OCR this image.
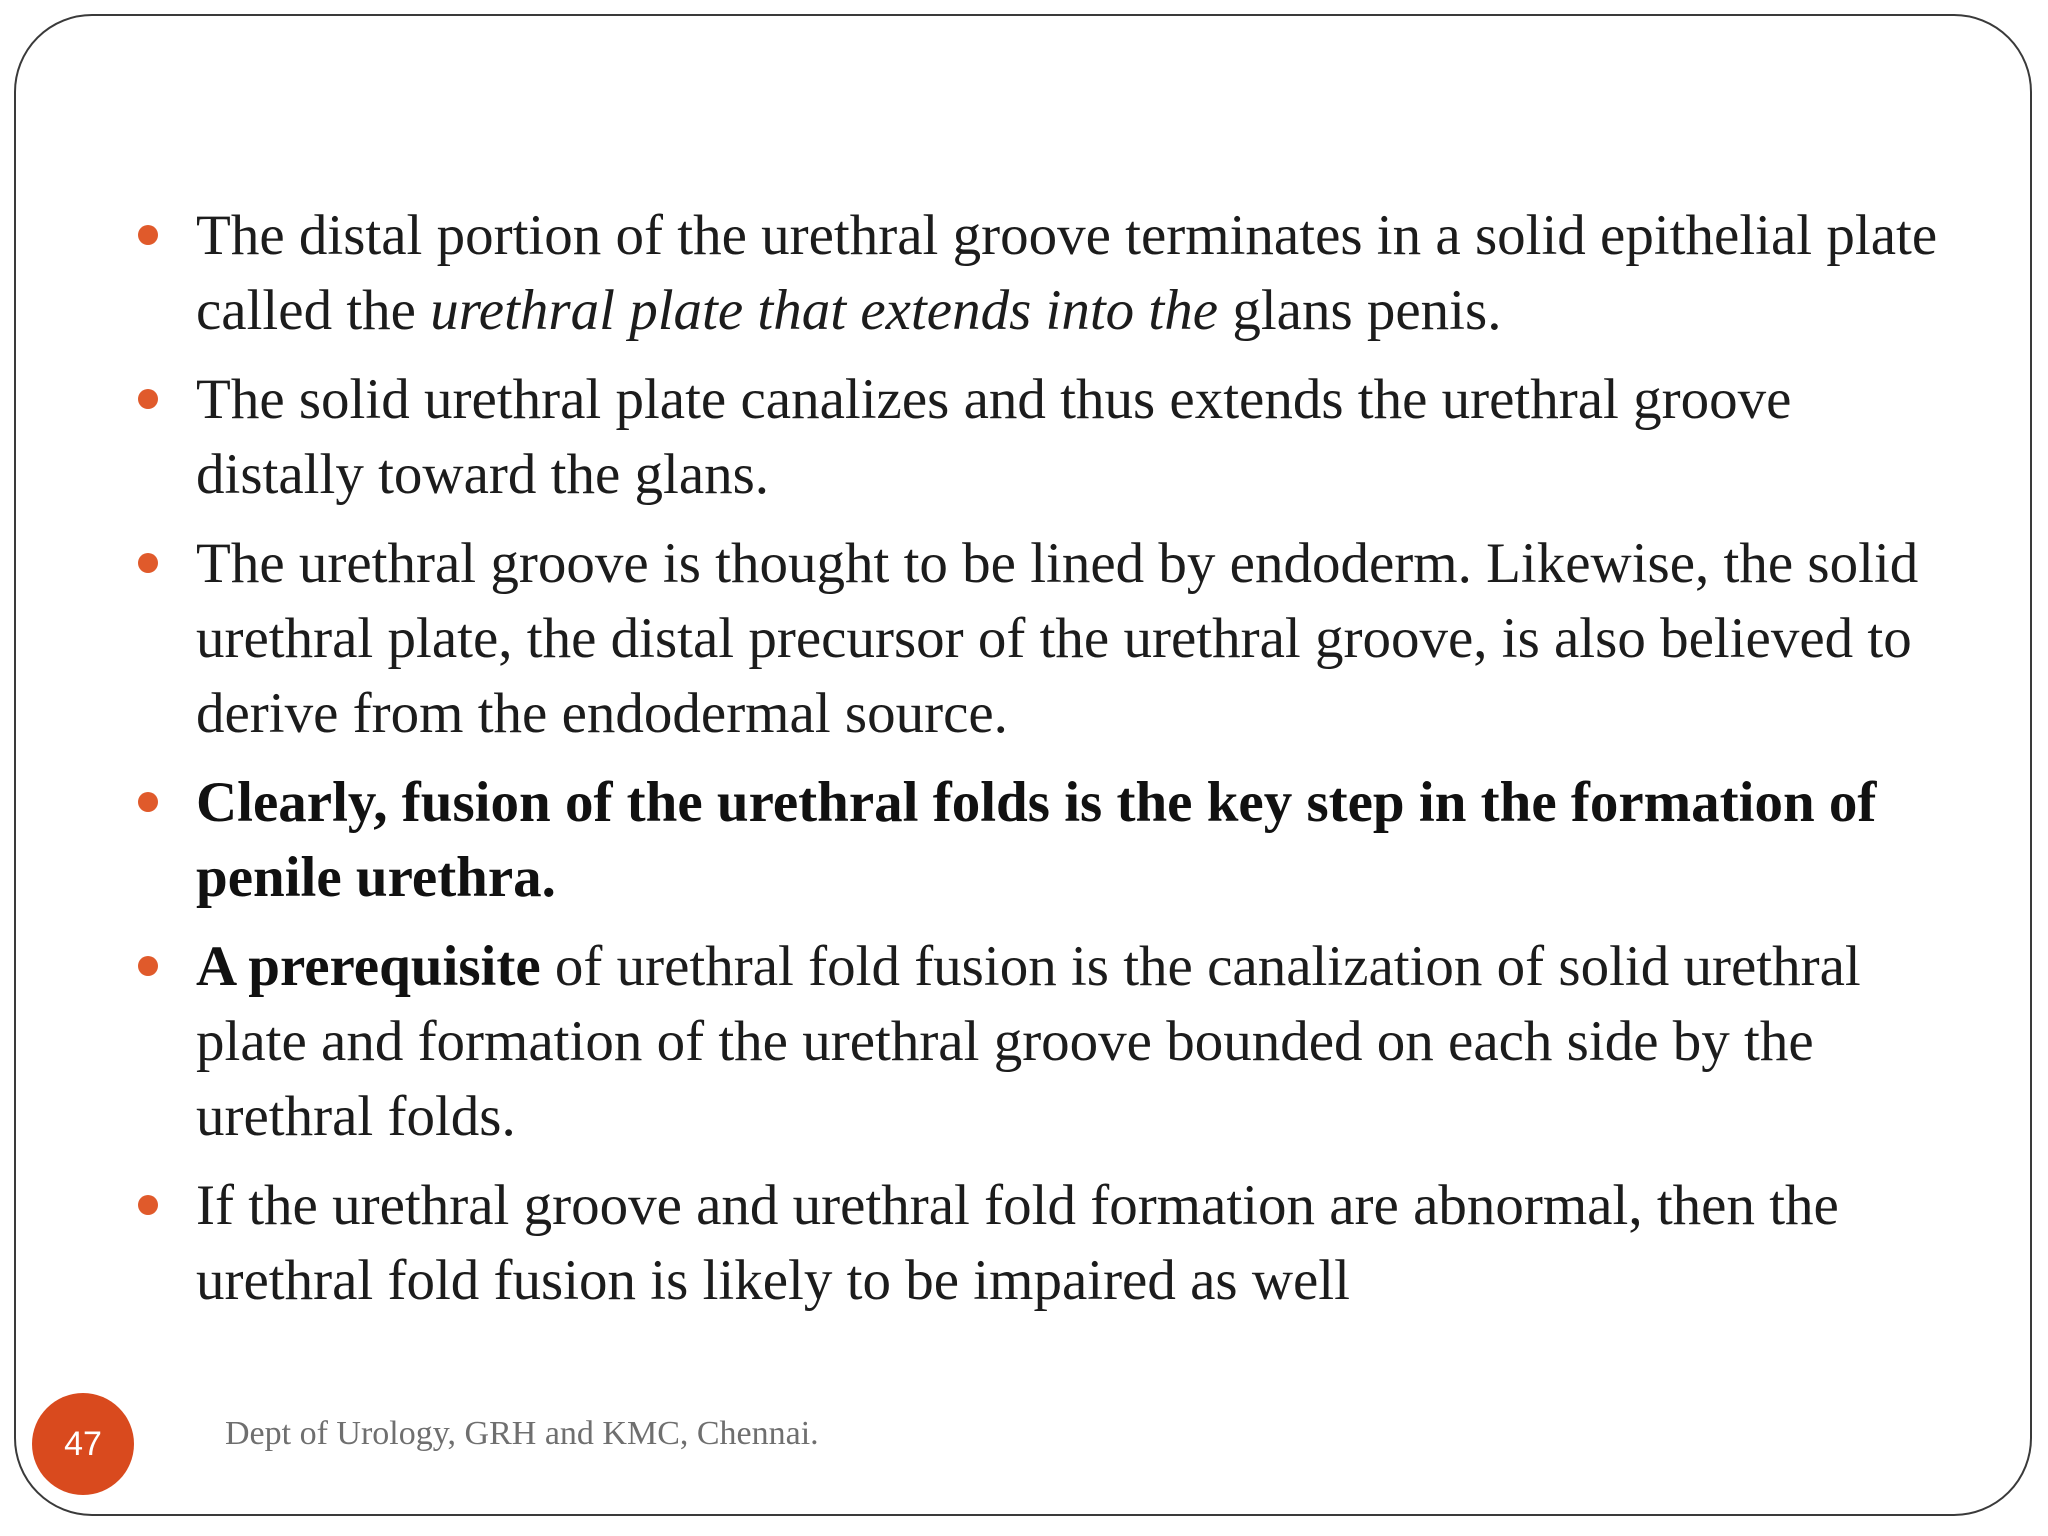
The distal portion of the urethral groove terminates in a solid epithelial plate called the urethral plate that extends into the glans penis.
The solid urethral plate canalizes and thus extends the urethral groove distally toward the glans.
The urethral groove is thought to be lined by endoderm. Likewise, the solid urethral plate, the distal precursor of the urethral groove, is also believed to derive from the endodermal source.
Clearly, fusion of the urethral folds is the key step in the formation of penile urethra.
A prerequisite of urethral fold fusion is the canalization of solid urethral plate and formation of the urethral groove bounded on each side by the urethral folds.
If the urethral groove and urethral fold formation are abnormal, then the urethral fold fusion is likely to be impaired as well
47	Dept of Urology, GRH and KMC, Chennai.
